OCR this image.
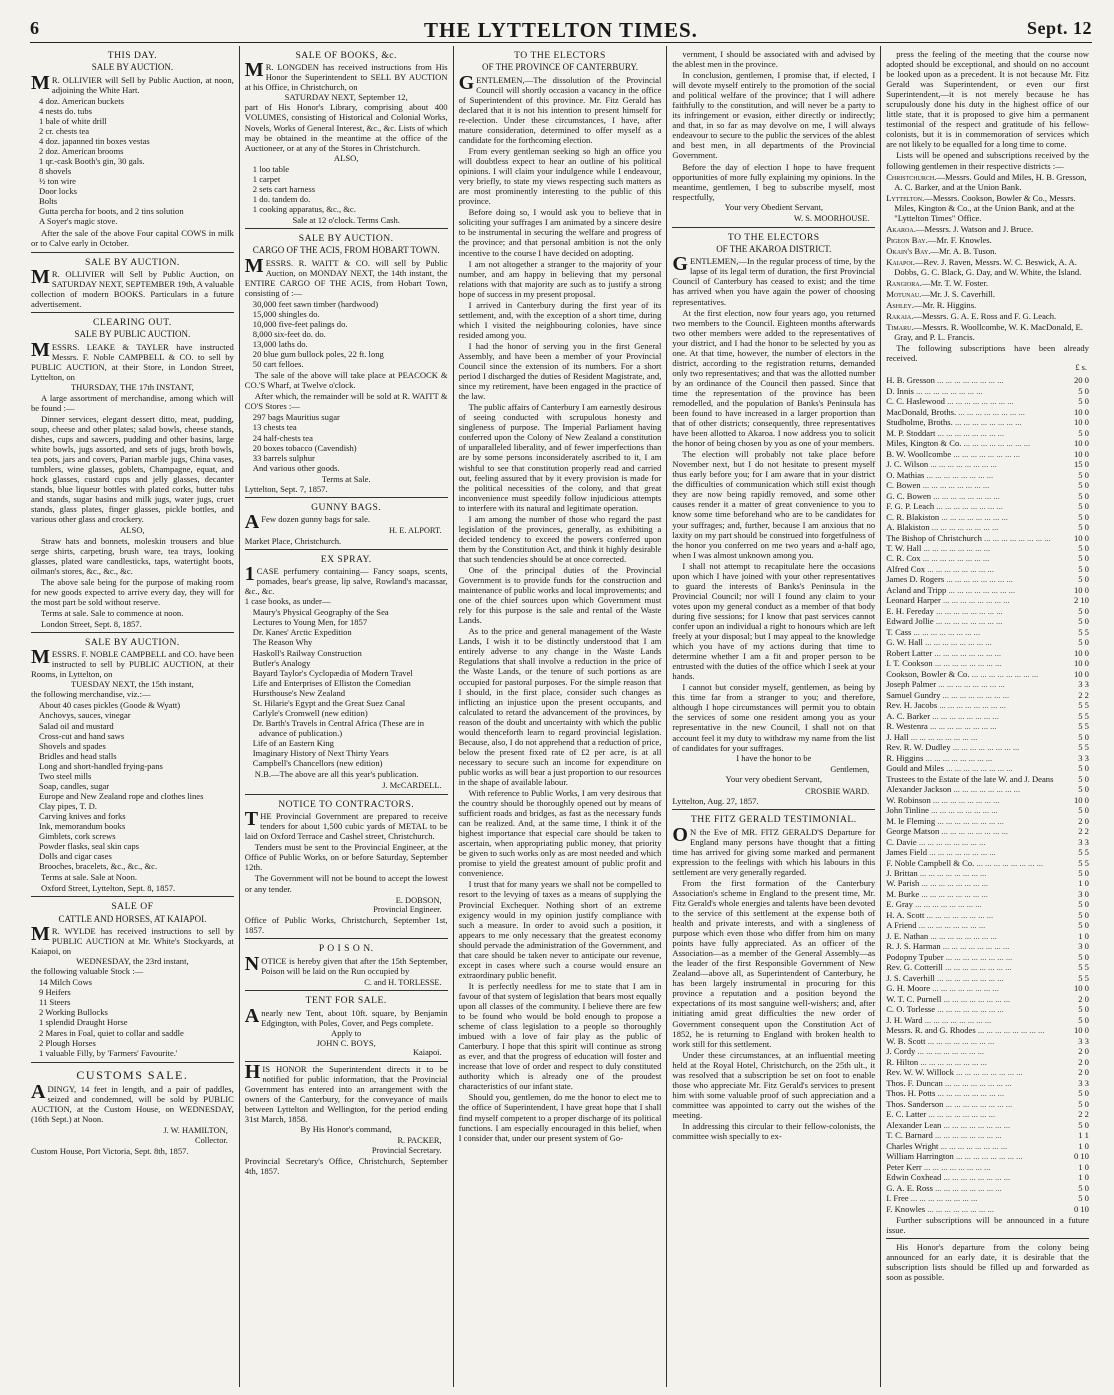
6	THE LYTTELTON TIMES.	Sept. 12
THIS DAY.
SALE BY AUCTION.

MR. OLLIVIER will Sell by Public Auction, at noon, adjoining the White Hart.

4 doz. American buckets
4 nests do. tubs
1 bale of white drill
2 cr. chests tea
4 doz. japanned tin boxes vestas
2 doz. American brooms
1 qr.-cask Booth's gin, 30 gals.
8 shovels
½ ton wire
Door locks
Bolts
Gutta percha for boots, and 2 tins solution
A Soyer's magic stove.

After the sale of the above Four capital COWS in milk or to Calve early in October.

SALE BY AUCTION.

MR. OLLIVIER will Sell by Public Auction, on SATURDAY NEXT, SEPTEMBER 19th, A valuable collection of modern BOOKS. Particulars in a future advertisement.

CLEARING OUT.
SALE BY PUBLIC AUCTION.

MESSRS. LEAKE & TAYLER have instructed Messrs. F. Noble CAMPBELL & CO. to sell by PUBLIC AUCTION, at their Store, in London Street, Lyttelton, on

THURSDAY, THE 17th INSTANT,

A large assortment of merchandise, among which will be found :—

Dinner services, elegant dessert ditto, meat, pudding, soup, cheese and other plates; salad bowls, cheese stands, dishes, cups and sawcers, pudding and other basins, large white bowls, jugs assorted, and sets of jugs, broth bowls, tea pots, jars and covers, Parian marble jugs, China vases, tumblers, wine glasses, goblets, Champagne, equat, and hock glasses, custard cups and jelly glasses, decanter stands, blue liqueur bottles with plated corks, butter tubs and stands, sugar basins and milk jugs, water jugs, cruet stands, glass plates, finger glasses, pickle bottles, and various other glass and crockery.

ALSO,

Straw hats and bonnets, moleskin trousers and blue serge shirts, carpeting, brush ware, tea trays, looking glasses, plated ware candlesticks, taps, watertight boots, oilman's stores, &c., &c., &c.

The above sale being for the purpose of making room for new goods expected to arrive every day, they will for the most part be sold without reserve.

Terms at sale. Sale to commence at noon.

London Street, Sept. 8, 1857.

SALE BY AUCTION.

MESSRS. F. NOBLE CAMPBELL and CO. have been instructed to sell by PUBLIC AUCTION, at their Rooms, in Lyttelton, on

TUESDAY NEXT, the 15th instant,

the following merchandise, viz.:—

About 40 cases pickles (Goode & Wyatt)
Anchovys, sauces, vinegar
Salad oil and mustard
Cross-cut and hand saws
Shovels and spades
Bridles and head stalls
Long and short-handled frying-pans
Two steel mills
Soap, candles, sugar
Europe and New Zealand rope and clothes lines
Clay pipes, T. D.
Carving knives and forks
Ink, memorandum books
Gimblets, cork screws
Powder flasks, seal skin caps
Dolls and cigar cases
Brooches, bracelets, &c., &c., &c.

Terms at sale. Sale at Noon.

Oxford Street, Lyttelton, Sept. 8, 1857.

SALE OF
CATTLE AND HORSES, AT KAIAPOI.

MR. WYLDE has received instructions to sell by PUBLIC AUCTION at Mr. White's Stockyards, at Kaiapoi, on

WEDNESDAY, the 23rd instant,

the following valuable Stock :—

14 Milch Cows
9 Heifers
11 Steers
2 Working Bullocks
1 splendid Draught Horse
2 Mares in Foal, quiet to collar and saddle
2 Plough Horses
1 valuable Filly, by 'Farmers' Favourite.'
CUSTOMS SALE.

ADINGY, 14 feet in length, and a pair of paddles, seized and condemned, will be sold by PUBLIC AUCTION, at the Custom House, on WEDNESDAY, (16th Sept.) at Noon.

J. W. HAMILTON,

Collector.

Custom House, Port Victoria, Sept. 8th, 1857.

SALE OF BOOKS, &c.

MR. LONGDEN has received instructions from His Honor the Superintendent to SELL BY AUCTION at his Office, in Christchurch, on

SATURDAY NEXT, September 12,

part of His Honor's Library, comprising about 400 VOLUMES, consisting of Historical and Colonial Works, Novels, Works of General Interest, &c., &c. Lists of which may be obtained in the meantime at the office of the Auctioneer, or at any of the Stores in Christchurch.

ALSO,

1 loo table
1 carpet
2 sets cart harness
1 do. tandem do.
1 cooking apparatus, &c., &c.

Sale at 12 o'clock. Terms Cash.

SALE BY AUCTION.
CARGO OF THE ACIS, FROM HOBART TOWN.

MESSRS. R. WAITT & CO. will sell by Public Auction, on MONDAY NEXT, the 14th instant, the ENTIRE CARGO OF THE ACIS, from Hobart Town, consisting of :—

30,000 feet sawn timber (hardwood)
15,000 shingles do.
10,000 five-feet palings do.
8,000 six-feet do. do.
13,000 laths do.
20 blue gum bullock poles, 22 ft. long
50 cart felloes.

The sale of the above will take place at PEACOCK & CO.'S Wharf, at Twelve o'clock.

After which, the remainder will be sold at R. WAITT & CO'S Stores :—

297 bags Mauritius sugar
13 chests tea
24 half-chests tea
20 boxes tobacco (Cavendish)
33 barrels sulphur
And various other goods.

Terms at Sale.

Lyttelton, Sept. 7, 1857.

GUNNY BAGS.

AFew dozen gunny bags for sale.

H. E. ALPORT.

Market Place, Christchurch.

EX SPRAY.

1CASE perfumery containing— Fancy soaps, scents, pomades, bear's grease, lip salve, Rowland's macassar, &c., &c.

1 case books, as under—

Maury's Physical Geography of the Sea
Lectures to Young Men, for 1857
Dr. Kanes' Arctic Expedition
The Reason Why
Haskoll's Railway Construction
Butler's Analogy
Bayard Taylor's Cyclopædia of Modern Travel
Life and Enterprises of Elliston the Comedian
Hursthouse's New Zealand
St. Hilarie's Egypt and the Great Suez Canal
Carlyle's Cromwell (new edition)
Dr. Barth's Travels in Central Africa (These are in advance of publication.)
Life of an Eastern King
Imaginary History of Next Thirty Years
Campbell's Chancellors (new edition)

N.B.—The above are all this year's publication.

J. McCARDELL.

NOTICE TO CONTRACTORS.

THE Provincial Government are prepared to receive tenders for about 1,500 cubic yards of METAL to be laid on Oxford Terrace and Cashel street, Christchurch.

Tenders must be sent to the Provincial Engineer, at the Office of Public Works, on or before Saturday, September 12th.

The Government will not be bound to accept the lowest or any tender.

E. DOBSON,

Provincial Engineer.

Office of Public Works, Christchurch, September 1st, 1857.

P O I S O N.

NOTICE is hereby given that after the 15th September, Poison will be laid on the Run occupied by

C. and H. TORLESSE.

TENT FOR SALE.

Anearly new Tent, about 10ft. square, by Benjamin Edgington, with Poles, Cover, and Pegs complete.

Apply to

JOHN C. BOYS,

Kaiapoi.

HIS HONOR the Superintendent directs it to be notified for public information, that the Provincial Government has entered into an arrangement with the owners of the Canterbury, for the conveyance of mails between Lyttelton and Wellington, for the period ending 31st March, 1858.

By His Honor's command,

R. PACKER,

Provincial Secretary.

Provincial Secretary's Office, Christchurch, September 4th, 1857.

TO THE ELECTORS
OF THE PROVINCE OF CANTERBURY.

GENTLEMEN,—The dissolution of the Provincial Council will shortly occasion a vacancy in the office of Superintendent of this province. Mr. Fitz Gerald has declared that it is not his intention to present himself for re-election. Under these circumstances, I have, after mature consideration, determined to offer myself as a candidate for the forthcoming election.

From every gentleman seeking so high an office you will doubtless expect to hear an outline of his political opinions. I will claim your indulgence while I endeavour, very briefly, to state my views respecting such matters as are most prominently interesting to the public of this province.

Before doing so, I would ask you to believe that in soliciting your suffrages I am animated by a sincere desire to be instrumental in securing the welfare and progress of the province; and that personal ambition is not the only incentive to the course I have decided on adopting.

I am not altogether a stranger to the majority of your number, and am happy in believing that my personal relations with that majority are such as to justify a strong hope of success in my present proposal.

I arrived in Canterbury during the first year of its settlement, and, with the exception of a short time, during which I visited the neighbouring colonies, have since resided among you.

I had the honor of serving you in the first General Assembly, and have been a member of your Provincial Council since the extension of its numbers. For a short period I discharged the duties of Resident Magistrate, and, since my retirement, have been engaged in the practice of the law.

The public affairs of Canterbury I am earnestly desirous of seeing conducted with scrupulous honesty and singleness of purpose. The Imperial Parliament having conferred upon the Colony of New Zealand a constitution of unparalleled liberality, and of fewer imperfections than are by some persons inconsiderately ascribed to it, I am wishful to see that constitution properly read and carried out, feeling assured that by it every provision is made for the political necessities of the colony, and that great inconvenience must speedily follow injudicious attempts to interfere with its natural and legitimate operation.

I am among the number of those who regard the past legislation of the provinces, generally, as exhibiting a decided tendency to exceed the powers conferred upon them by the Constitution Act, and think it highly desirable that such tendencies should be at once corrected.

One of the principal duties of the Provincial Government is to provide funds for the construction and maintenance of public works and local improvements; and one of the chief sources upon which Government must rely for this purpose is the sale and rental of the Waste Lands.

As to the price and general management of the Waste Lands, I wish it to be distinctly understood that I am entirely adverse to any change in the Waste Lands Regulations that shall involve a reduction in the price of the Waste Lands, or the tenure of such portions as are occupied for pastoral purposes. For the simple reason that I should, in the first place, consider such changes as inflicting an injustice upon the present occupants, and calculated to retard the advancement of the provinces, by reason of the doubt and uncertainty with which the public would thenceforth learn to regard provincial legislation. Because, also, I do not apprehend that a reduction of price, below the present fixed rate of £2 per acre, is at all necessary to secure such an income for expenditure on public works as will bear a just proportion to our resources in the shape of available labour.

With reference to Public Works, I am very desirous that the country should be thoroughly opened out by means of sufficient roads and bridges, as fast as the necessary funds can be realized. And, at the same time, I think it of the highest importance that especial care should be taken to ascertain, when appropriating public money, that priority be given to such works only as are most needed and which promise to yield the greatest amount of public profit and convenience.

I trust that for many years we shall not be compelled to resort to the levying of taxes as a means of supplying the Provincial Exchequer. Nothing short of an extreme exigency would in my opinion justify compliance with such a measure. In order to avoid such a position, it appears to me only necessary that the greatest economy should pervade the administration of the Government, and that care should be taken never to anticipate our revenue, except in cases where such a course would ensure an extraordinary public benefit.

It is perfectly needless for me to state that I am in favour of that system of legislation that bears most equally upon all classes of the community. I believe there are few to be found who would be bold enough to propose a scheme of class legislation to a people so thoroughly imbued with a love of fair play as the public of Canterbury. I hope that this spirit will continue as strong as ever, and that the progress of education will foster and increase that love of order and respect to duly constituted authority which is already one of the proudest characteristics of our infant state.

Should you, gentlemen, do me the honor to elect me to the office of Superintendent, I have great hope that I shall find myself competent to a proper discharge of its political functions. I am especially encouraged in this belief, when I consider that, under our present system of Go-

vernment, I should be associated with and advised by the ablest men in the province.

In conclusion, gentlemen, I promise that, if elected, I will devote myself entirely to the promotion of the social and political welfare of the province; that I will adhere faithfully to the constitution, and will never be a party to its infringement or evasion, either directly or indirectly; and that, in so far as may devolve on me, I will always endeavour to secure to the public the services of the ablest and best men, in all departments of the Provincial Government.

Before the day of election I hope to have frequent opportunities of more fully explaining my opinions. In the meantime, gentlemen, I beg to subscribe myself, most respectfully,

Your very Obedient Servant,

W. S. MOORHOUSE.

TO THE ELECTORS
OF THE AKAROA DISTRICT.

GENTLEMEN,—In the regular process of time, by the lapse of its legal term of duration, the first Provincial Council of Canterbury has ceased to exist; and the time has arrived when you have again the power of choosing representatives.

At the first election, now four years ago, you returned two members to the Council. Eighteen months afterwards two other members were added to the representatives of your district, and I had the honor to be selected by you as one. At that time, however, the number of electors in the district, according to the registration returns, demanded only two representatives; and that was the allotted number by an ordinance of the Council then passed. Since that time the representation of the province has been remodelled, and the population of Banks's Peninsula has been found to have increased in a larger proportion than that of other districts; consequently, three representatives have been allotted to Akaroa. I now address you to solicit the honor of being chosen by you as one of your members.

The election will probably not take place before November next, but I do not hesitate to present myself thus early before you; for I am aware that in your district the difficulties of communication which still exist though they are now being rapidly removed, and some other causes render it a matter of great convenience to you to know some time beforehand who are to be candidates for your suffrages; and, further, because I am anxious that no laxity on my part should be construed into forgetfulness of the honor you conferred on me two years and a-half ago, when I was almost unknown among you.

I shall not attempt to recapitulate here the occasions upon which I have joined with your other representatives to guard the interests of Banks's Peninsula in the Provincial Council; nor will I found any claim to your votes upon my general conduct as a member of that body during five sessions; for I know that past services cannot confer upon an individual a right to honours which are left freely at your disposal; but I may appeal to the knowledge which you have of my actions during that time to determine whether I am a fit and proper person to be entrusted with the duties of the office which I seek at your hands.

I cannot but consider myself, gentlemen, as being by this time far from a stranger to you; and therefore, although I hope circumstances will permit you to obtain the services of some one resident among you as your representative in the new Council, I shall not on that account feel it my duty to withdraw my name from the list of candidates for your suffrages.

I have the honor to be

Gentlemen,

Your very obedient Servant,

CROSBIE WARD.

Lyttelton, Aug. 27, 1857.

THE FITZ GERALD TESTIMONIAL.

ON the Eve of MR. FITZ GERALD'S Departure for England many persons have thought that a fitting time has arrived for giving some marked and permanent expression to the feelings with which his labours in this settlement are very generally regarded.

From the first formation of the Canterbury Association's scheme in England to the present time, Mr. Fitz Gerald's whole energies and talents have been devoted to the service of this settlement at the expense both of health and private interests, and with a singleness of purpose which even those who differ from him on many points have fully appreciated. As an officer of the Association—as a member of the General Assembly—as the leader of the first Responsible Government of New Zealand—above all, as Superintendent of Canterbury, he has been largely instrumental in procuring for this province a reputation and a position beyond the expectations of its most sanguine well-wishers; and, after initiating amid great difficulties the new order of Government consequent upon the Constitution Act of 1852, he is returning to England with broken health to work still for this settlement.

Under these circumstances, at an influential meeting held at the Royal Hotel, Christchurch, on the 25th ult., it was resolved that a subscription be set on foot to enable those who appreciate Mr. Fitz Gerald's services to present him with some valuable proof of such appreciation and a committee was appointed to carry out the wishes of the meeting.

In addressing this circular to their fellow-colonists, the committee wish specially to ex-

press the feeling of the meeting that the course now adopted should be exceptional, and should on no account be looked upon as a precedent. It is not because Mr. Fitz Gerald was Superintendent, or even our first Superintendent,—it is not merely because he has scrupulously done his duty in the highest office of our little state, that it is proposed to give him a permanent testimonial of the respect and gratitude of his fellow-colonists, but it is in commemoration of services which are not likely to be equalled for a long time to come.

Lists will be opened and subscriptions received by the following gentlemen in their respective districts :—

Christchurch.—Messrs. Gould and Miles, H. B. Gresson, A. C. Barker, and at the Union Bank.
Lyttelton.—Messrs. Cookson, Bowler & Co., Messrs. Miles, Kington & Co., at the Union Bank, and at the "Lyttelton Times" Office.
Akaroa.—Messrs. J. Watson and J. Bruce.
Pigeon Bay.—Mr. F. Knowles.
Okain's Bay.—Mr. A. B. Tuson.
Kaiapoi.—Rev. J. Raven, Messrs. W. C. Beswick, A. A. Dobbs, G. C. Black, G. Day, and W. White, the Island.
Rangiora.—Mr. T. W. Foster.
Motunau.—Mr. J. S. Caverhill.
Ashley.—Mr. R. Higgins.
Rakaia.—Messrs. G. A. E. Ross and F. G. Leach.
Timaru.—Messrs. R. Woollcombe, W. K. MacDonald, E. Gray, and P. L. Francis.

The following subscriptions have been already received.

£ s.
H. B. Gresson ... .	20 0
D. Innis ... .	5 0
C. C. Haslewood ... .	5 0
MacDonald, Broths. ... .	10 0
Studholme, Broths. ... .	10 0
M. P. Stoddart ... .	5 0
Miles, Kington & Co. ... .	10 0
B. W. Woollcombe ... .	10 0
J. C. Wilson ... .	15 0
O. Mathias ... .	5 0
C. Bowen ... .	5 0
G. C. Bowen ... .	5 0
F. G. P. Leach ... .	5 0
C. R. Blakiston ... .	5 0
A. Blakiston ... .	5 0
The Bishop of Christchurch ... .	10 0
T. W. Hall ... .	5 0
C. R. Cox ... .	5 0
Alfred Cox ... .	5 0
James D. Rogers ... .	5 0
Acland and Tripp ... .	10 0
Leonard Harper ... .	2 10
E. H. Fereday ... .	5 0
Edward Jollie ... .	5 0
T. Cass ... .	5 5
G. W. Hall ... .	5 0
Robert Latter ... .	10 0
I. T. Cookson ... .	10 0
Cookson, Bowler & Co. ... .	10 0
Joseph Palmer ... .	3 3
Samuel Gundry ... .	2 2
Rev. H. Jacobs ... .	5 5
A. C. Barker ... .	5 5
R. Westenra ... .	5 5
J. Hall ... .	5 0
Rev. R. W. Dudley ... .	5 5
R. Higgins ... .	3 3
Gould and Miles ... .	5 0
Trustees to the Estate of the late W. and J. Deans ... .	5 0
Alexander Jackson ... .	5 0
W. Robinson ... .	10 0
John Tinline ... .	5 0
M. le Fleming ... .	2 0
George Matson ... .	2 2
C. Davie ... .	3 3
James Field ... .	5 5
F. Noble Campbell & Co. ... .	5 5
J. Brittan ... .	5 0
W. Parish ... .	1 0
M. Burke ... .	3 0
E. Gray ... .	5 0
H. A. Scott ... .	5 0
A Friend ... .	5 0
J. E. Nathan ... .	1 0
R. J. S. Harman ... .	3 0
Podopny Tpuber ... .	5 0
Rev. G. Cotterill ... .	5 5
J. S. Caverhill ... .	5 5
G. H. Moore ... .	10 0
W. T. C. Purnell ... .	2 0
C. O. Torlesse ... .	5 0
J. H. Ward ... .	5 0
Messrs. R. and G. Rhodes ... .	10 0
W. B. Scott ... .	3 3
J. Cordy ... .	2 0
R. Hilton ... .	2 0
Rev. W. W. Willock ... .	2 0
Thos. F. Duncan ... .	3 3
Thos. H. Potts ... .	5 0
Thos. Sanderson ... .	5 0
E. C. Latter ... .	2 2
Alexander Lean ... .	5 0
T. C. Barnard ... .	1 1
Charles Wright ... .	1 0
William Harrington ... .	0 10
Peter Kerr ... .	1 0
Edwin Coxhead ... .	1 0
G. A. E. Ross ... .	5 0
I. Free ... .	5 0
F. Knowles ... .	0 10

Further subscriptions will be announced in a future issue.

His Honor's departure from the colony being announced for an early date, it is desirable that the subscription lists should be filled up and forwarded as soon as possible.
